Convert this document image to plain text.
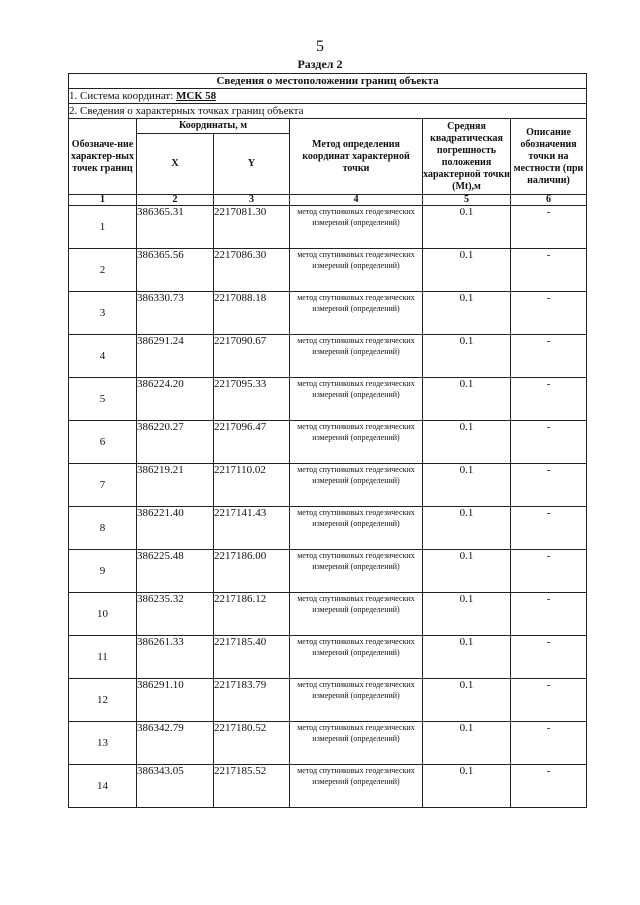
5
Раздел 2
Сведения о местоположении границ объекта					
1. Система координат: МСК 58					
2. Сведения о характерных точках границ объекта					
Обозначе-ние характер-ных точек границ	Координаты, м		Метод определения координат характерной точки	Средняя квадратическая погрешность положения характерной точки (Mt),м	Описание обозначения точки на местности (при наличии)
	X	Y			
1	2	3	4	5	6
1	386365.31	2217081.30	метод спутниковых геодезических измерений (определений)	0.1	-
2	386365.56	2217086.30	метод спутниковых геодезических измерений (определений)	0.1	-
3	386330.73	2217088.18	метод спутниковых геодезических измерений (определений)	0.1	-
4	386291.24	2217090.67	метод спутниковых геодезических измерений (определений)	0.1	-
5	386224.20	2217095.33	метод спутниковых геодезических измерений (определений)	0.1	-
6	386220.27	2217096.47	метод спутниковых геодезических измерений (определений)	0.1	-
7	386219.21	2217110.02	метод спутниковых геодезических измерений (определений)	0.1	-
8	386221.40	2217141.43	метод спутниковых геодезических измерений (определений)	0.1	-
9	386225.48	2217186.00	метод спутниковых геодезических измерений (определений)	0.1	-
10	386235.32	2217186.12	метод спутниковых геодезических измерений (определений)	0.1	-
11	386261.33	2217185.40	метод спутниковых геодезических измерений (определений)	0.1	-
12	386291.10	2217183.79	метод спутниковых геодезических измерений (определений)	0.1	-
13	386342.79	2217180.52	метод спутниковых геодезических измерений (определений)	0.1	-
14	386343.05	2217185.52	метод спутниковых геодезических измерений (определений)	0.1	-
